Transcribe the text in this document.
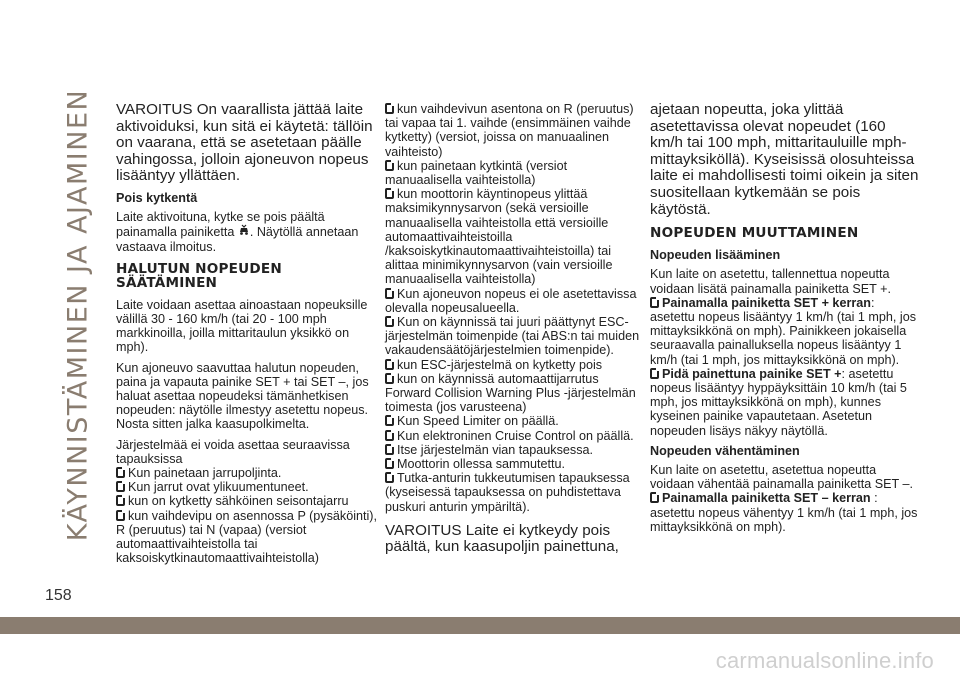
KÄYNNISTÄMINEN JA AJAMINEN VAROITUS On vaarallista jättää laite aktivoiduksi, kun sitä ei käytetä: tällöin on vaarana, että se asetetaan päälle vahingossa, jolloin ajoneuvon nopeus lisääntyy yllättäen.

Pois kytkentä

Laite aktivoituna, kytke se pois päältä painamalla painiketta . Näytöllä annetaan vastaava ilmoitus.

HALUTUN NOPEUDEN SÄÄTÄMINEN

Laite voidaan asettaa ainoastaan nopeuksille välillä 30 - 160 km/h (tai 20 - 100 mph markkinoilla, joilla mittaritaulun yksikkö on mph).

Kun ajoneuvo saavuttaa halutun nopeuden, paina ja vapauta painike SET + tai SET –, jos haluat asettaa nopeudeksi tämänhetkisen nopeuden: näytölle ilmestyy asetettu nopeus. Nosta sitten jalka kaasupolkimelta.

Järjestelmää ei voida asettaa seuraavissa tapauksissa

Kun painetaan jarrupoljinta.
Kun jarrut ovat ylikuumentuneet.
kun on kytketty sähköinen seisontajarru
kun vaihdevipu on asennossa P (pysäköinti), R (peruutus) tai N (vapaa) (versiot automaattivaihteistolla tai kaksoiskytkinautomaattivaihteistolla)
kun vaihdevivun asentona on R (peruutus) tai vapaa tai 1. vaihde (ensimmäinen vaihde kytketty) (versiot, joissa on manuaalinen vaihteisto)
kun painetaan kytkintä (versiot manuaalisella vaihteistolla)
kun moottorin käyntinopeus ylittää maksimikynnysarvon (sekä versioille manuaalisella vaihteistolla että versioille automaattivaihteistoilla /kaksoiskytkinautomaattivaihteistoilla) tai alittaa minimikynnysarvon (vain versioille manuaalisella vaihteistolla)
Kun ajoneuvon nopeus ei ole asetettavissa olevalla nopeusalueella.
Kun on käynnissä tai juuri päättynyt ESC-järjestelmän toimenpide (tai ABS:n tai muiden vakaudensäätöjärjestelmien toimenpide).
kun ESC-järjestelmä on kytketty pois
kun on käynnissä automaattijarrutus Forward Collision Warning Plus -järjestelmän toimesta (jos varusteena)
Kun Speed Limiter on päällä.
Kun elektroninen Cruise Control on päällä.
Itse järjestelmän vian tapauksessa.
Moottorin ollessa sammutettu.
Tutka-anturin tukkeutumisen tapauksessa (kyseisessä tapauksessa on puhdistettava puskuri anturin ympäriltä).

VAROITUS Laite ei kytkeydy pois päältä, kun kaasupoljin painettuna,

ajetaan nopeutta, joka ylittää asetettavissa olevat nopeudet (160 km/h tai 100 mph, mittaritauluille mph-mittayksiköllä). Kyseisissä olosuhteissa laite ei mahdollisesti toimi oikein ja siten suositellaan kytkemään se pois käytöstä.

NOPEUDEN MUUTTAMINEN
Nopeuden lisääminen

Kun laite on asetettu, tallennettua nopeutta voidaan lisätä painamalla painiketta SET +.

Painamalla painiketta SET + kerran: asetettu nopeus lisääntyy 1 km/h (tai 1 mph, jos mittayksikkönä on mph). Painikkeen jokaisella seuraavalla painalluksella nopeus lisääntyy 1 km/h (tai 1 mph, jos mittayksikkönä on mph).
Pidä painettuna painike SET +: asetettu nopeus lisääntyy hyppäyksittäin 10 km/h (tai 5 mph, jos mittayksikkönä on mph), kunnes kyseinen painike vapautetaan. Asetetun nopeuden lisäys näkyy näytöllä.
Nopeuden vähentäminen

Kun laite on asetettu, asetettua nopeutta voidaan vähentää painamalla painiketta SET –.

Painamalla painiketta SET – kerran : asetettu nopeus vähentyy 1 km/h (tai 1 mph, jos mittayksikkönä on mph).
158
carmanualsonline.info
